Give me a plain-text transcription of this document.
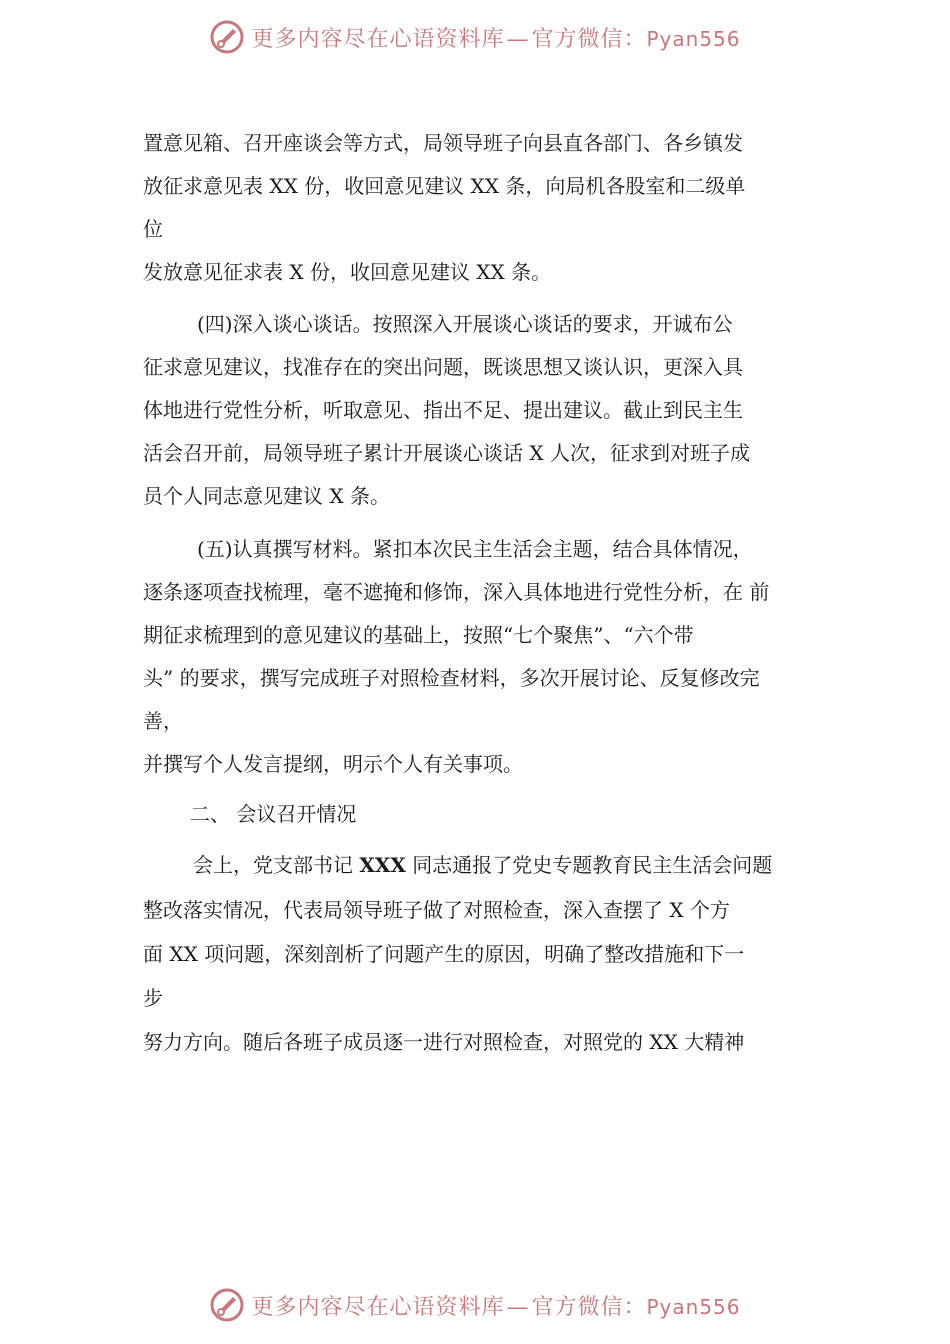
更多内容尽在心语资料库—官方微信：Pyan556
置意见箱、召开座谈会等方式，局领导班子向县直各部门、各乡镇发
放征求意见表 XX 份，收回意见建议 XX 条，向局机各股室和二级单
位
发放意见征求表 X 份，收回意见建议 XX 条。
(四)深入谈心谈话。按照深入开展谈心谈话的要求，开诚布公
征求意见建议，找准存在的突出问题，既谈思想又谈认识，更深入具
体地进行党性分析，听取意见、指出不足、提出建议。截止到民主生
活会召开前，局领导班子累计开展谈心谈话 X 人次，征求到对班子成
员个人同志意见建议 X 条。
(五)认真撰写材料。紧扣本次民主生活会主题，结合具体情况，
逐条逐项查找梳理，毫不遮掩和修饰，深入具体地进行党性分析，在 前
期征求梳理到的意见建议的基础上，按照“七个聚焦”、“六个带
头” 的要求，撰写完成班子对照检查材料，多次开展讨论、反复修改完
善，
并撰写个人发言提纲，明示个人有关事项。
二、 会议召开情况
会上，党支部书记 XXX 同志通报了党史专题教育民主生活会问题
整改落实情况，代表局领导班子做了对照检查，深入查摆了 X 个方
面 XX 项问题，深刻剖析了问题产生的原因，明确了整改措施和下一
步
努力方向。随后各班子成员逐一进行对照检查，对照党的 XX 大精神
更多内容尽在心语资料库—官方微信：Pyan556
